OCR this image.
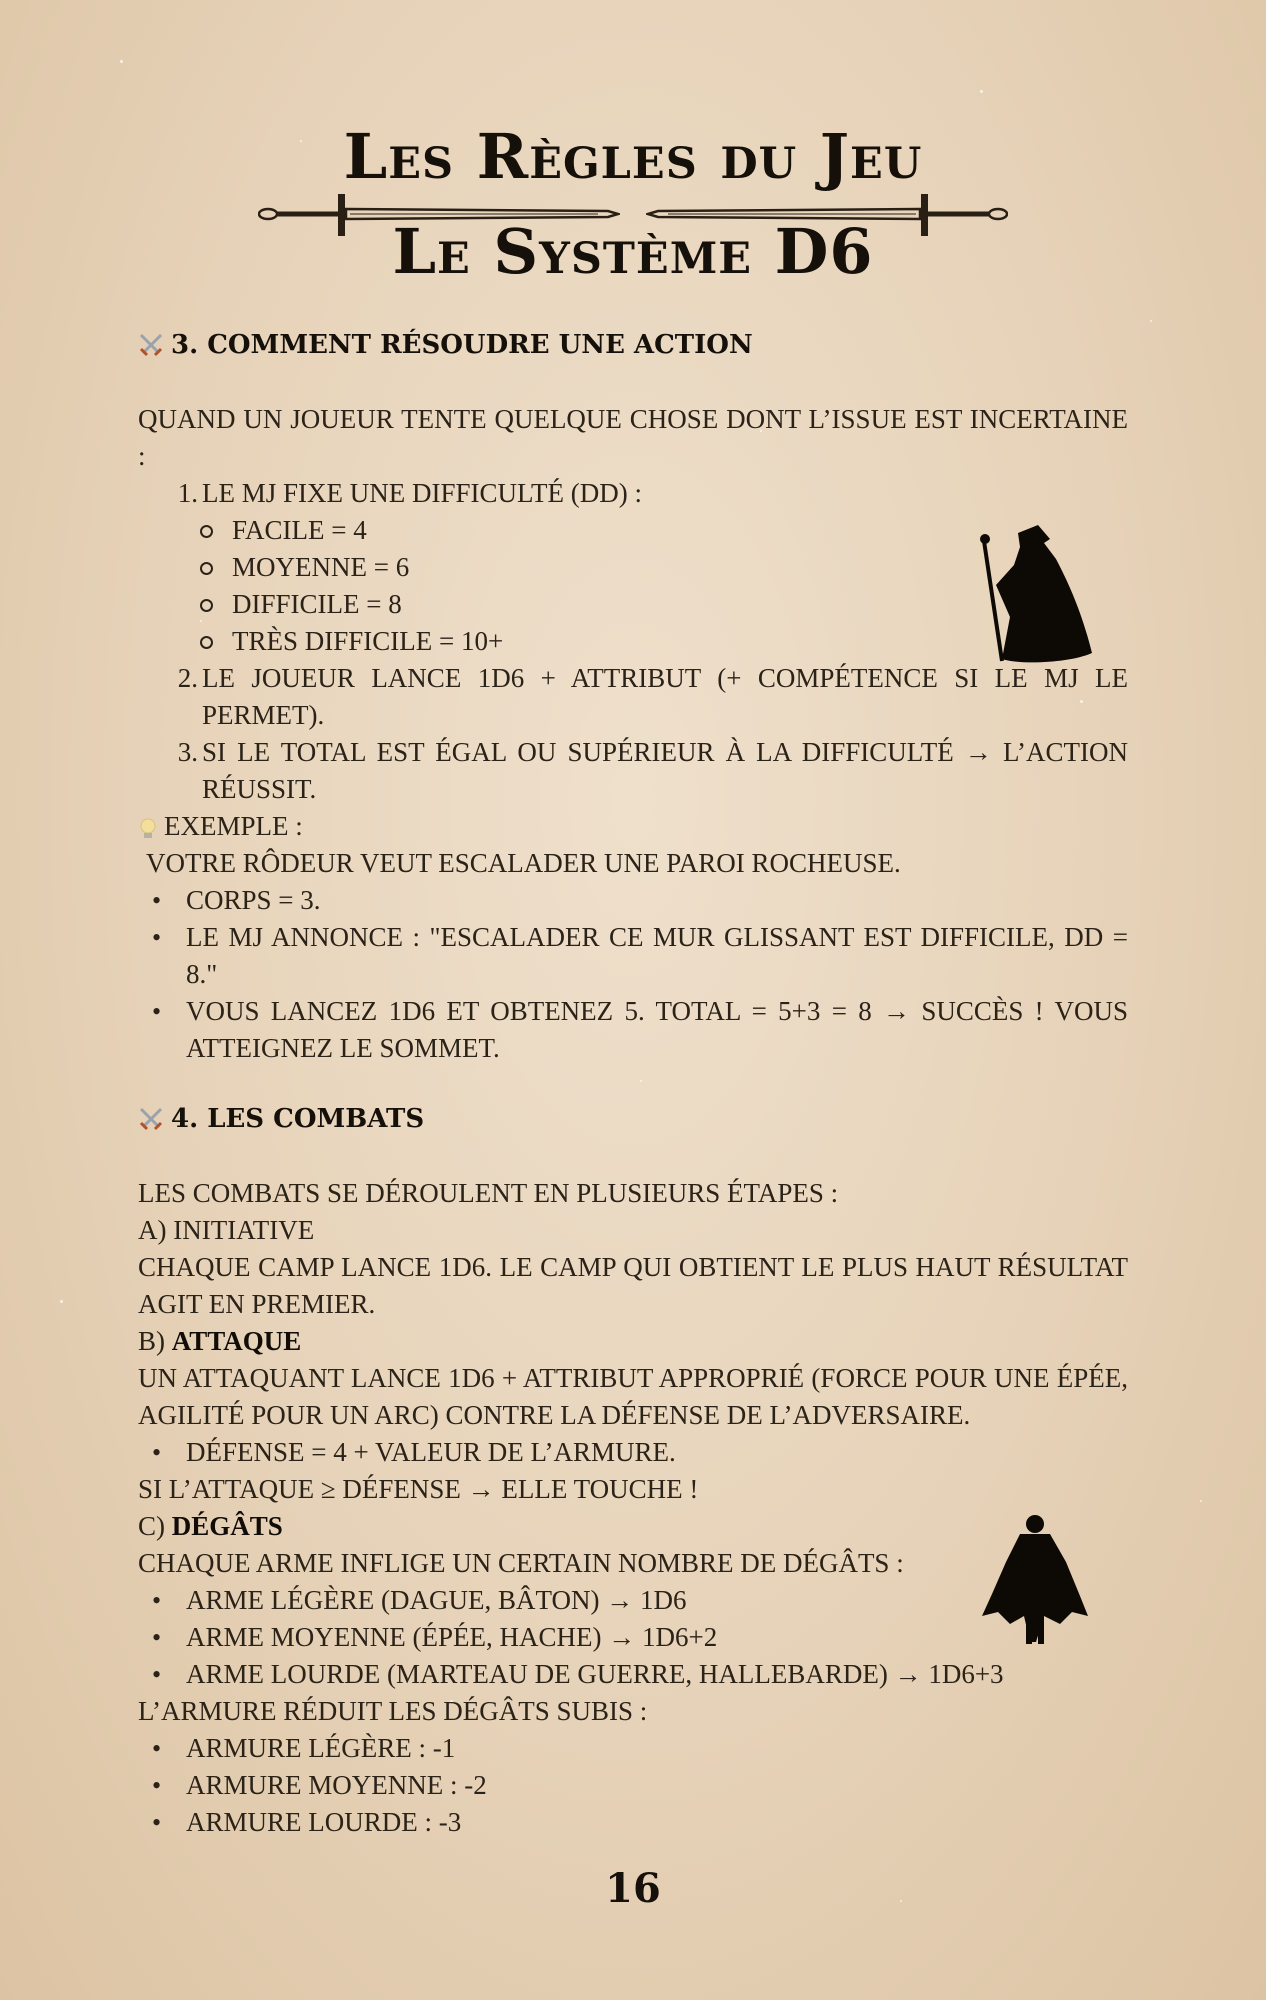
Les Règles du Jeu
Le Système D6
3. COMMENT RÉSOUDRE UNE ACTION

QUAND UN JOUEUR TENTE QUELQUE CHOSE DONT L’ISSUE EST INCERTAINE :

1. LE MJ FIXE UNE DIFFICULTÉ (DD) :

FACILE = 4

MOYENNE = 6

DIFFICILE = 8

TRÈS DIFFICILE = 10+

2. LE JOUEUR LANCE 1D6 + ATTRIBUT (+ COMPÉTENCE SI LE MJ LE PERMET).

3. SI LE TOTAL EST ÉGAL OU SUPÉRIEUR À LA DIFFICULTÉ → L’ACTION RÉUSSIT.

EXEMPLE :

VOTRE RÔDEUR VEUT ESCALADER UNE PAROI ROCHEUSE.

• CORPS = 3.

• LE MJ ANNONCE : "ESCALADER CE MUR GLISSANT EST DIFFICILE, DD = 8."

• VOUS LANCEZ 1D6 ET OBTENEZ 5. TOTAL = 5+3 = 8 → SUCCÈS ! VOUS ATTEIGNEZ LE SOMMET.

4. LES COMBATS

LES COMBATS SE DÉROULENT EN PLUSIEURS ÉTAPES :

A) INITIATIVE

CHAQUE CAMP LANCE 1D6. LE CAMP QUI OBTIENT LE PLUS HAUT RÉSULTAT AGIT EN PREMIER.

B) ATTAQUE

UN ATTAQUANT LANCE 1D6 + ATTRIBUT APPROPRIÉ (FORCE POUR UNE ÉPÉE, AGILITÉ POUR UN ARC) CONTRE LA DÉFENSE DE L’ADVERSAIRE.

• DÉFENSE = 4 + VALEUR DE L’ARMURE.

SI L’ATTAQUE ≥ DÉFENSE → ELLE TOUCHE !

C) DÉGÂTS

CHAQUE ARME INFLIGE UN CERTAIN NOMBRE DE DÉGÂTS :

• ARME LÉGÈRE (DAGUE, BÂTON) → 1D6

• ARME MOYENNE (ÉPÉE, HACHE) → 1D6+2

• ARME LOURDE (MARTEAU DE GUERRE, HALLEBARDE) → 1D6+3

L’ARMURE RÉDUIT LES DÉGÂTS SUBIS :

• ARMURE LÉGÈRE : -1

• ARMURE MOYENNE : -2

• ARMURE LOURDE : -3

16
